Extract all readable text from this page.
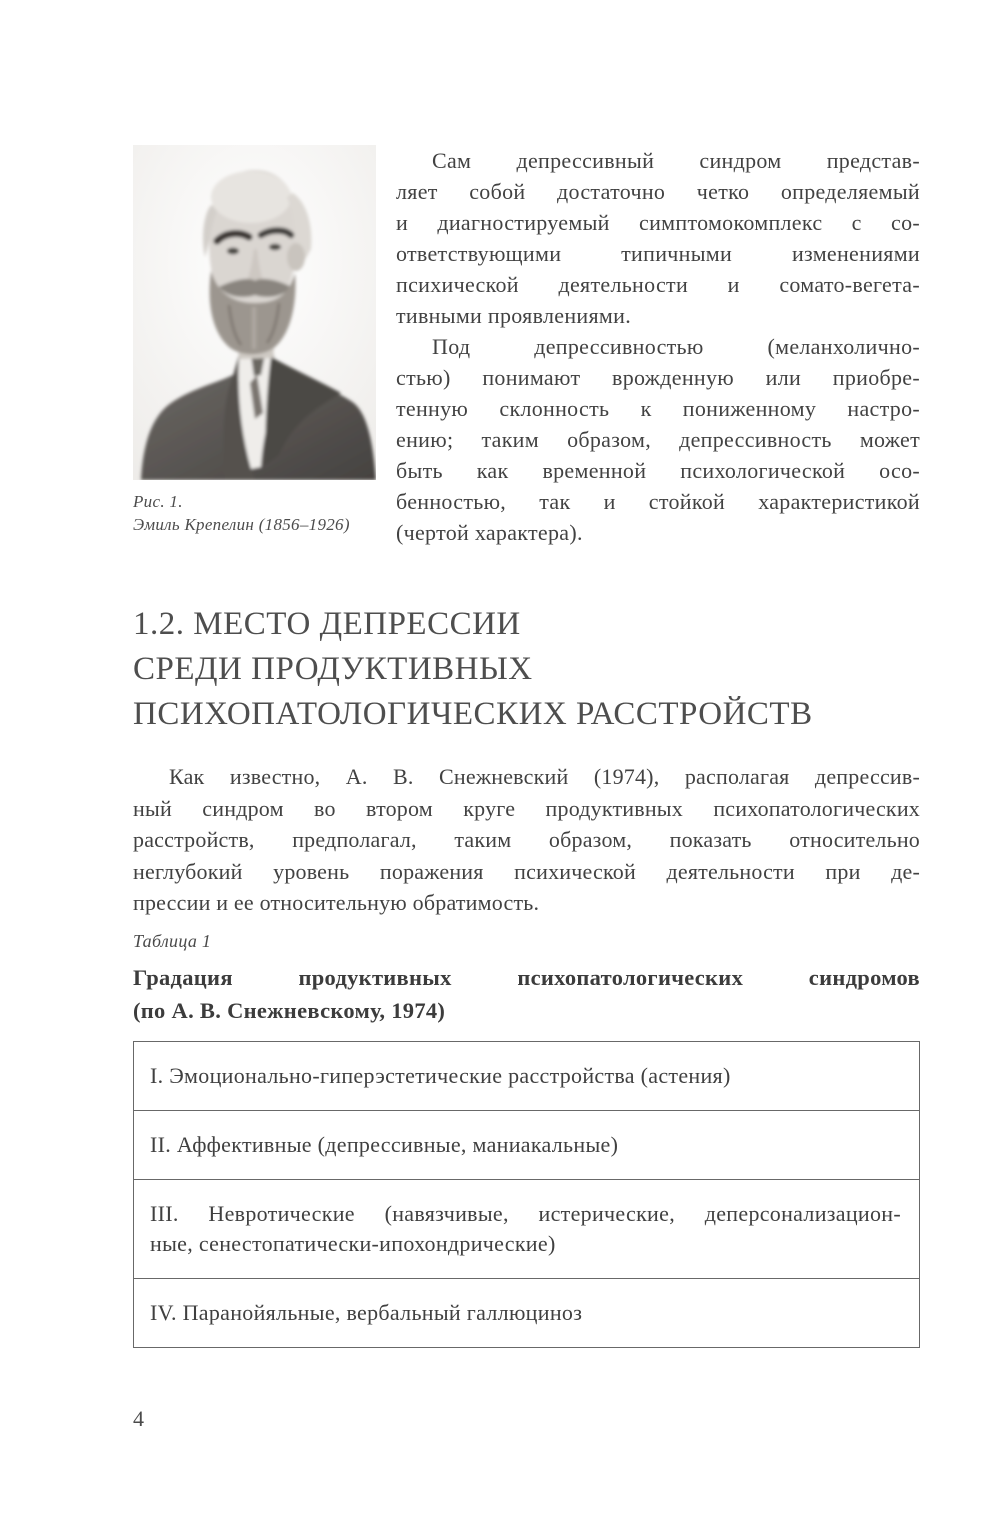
Рис. 1.
Эмиль Крепелин (1856–1926)
Сам депрессивный синдром представ-
ляет собой достаточно четко определяемый
и диагностируемый симптомокомплекс с со-
ответствующими типичными изменениями
психической деятельности и сомато-вегета-
тивными проявлениями.
Под депрессивностью (меланхолично-
стью) понимают врожденную или приобре-
тенную склонность к пониженному настро-
ению; таким образом, депрессивность может
быть как временной психологической осо-
бенностью, так и стойкой характеристикой
(чертой характера).
1.2. МЕСТО ДЕПРЕССИИ
СРЕДИ ПРОДУКТИВНЫХ
ПСИХОПАТОЛОГИЧЕСКИХ РАССТРОЙСТВ
Как известно, А. В. Снежневский (1974), располагая депрессив-
ный синдром во втором круге продуктивных психопатологических
расстройств, предполагал, таким образом, показать относительно
неглубокий уровень поражения психической деятельности при де-
прессии и ее относительную обратимость.
Таблица 1
Градация продуктивных психопатологических синдромов
(по А. В. Снежневскому, 1974)
I. Эмоционально-гиперэстетические расстройства (астения)
II. Аффективные (депрессивные, маниакальные)
III. Невротические (навязчивые, истерические, деперсонализацион-
ные, сенестопатически-ипохондрические)
IV. Паранойяльные, вербальный галлюциноз
4
